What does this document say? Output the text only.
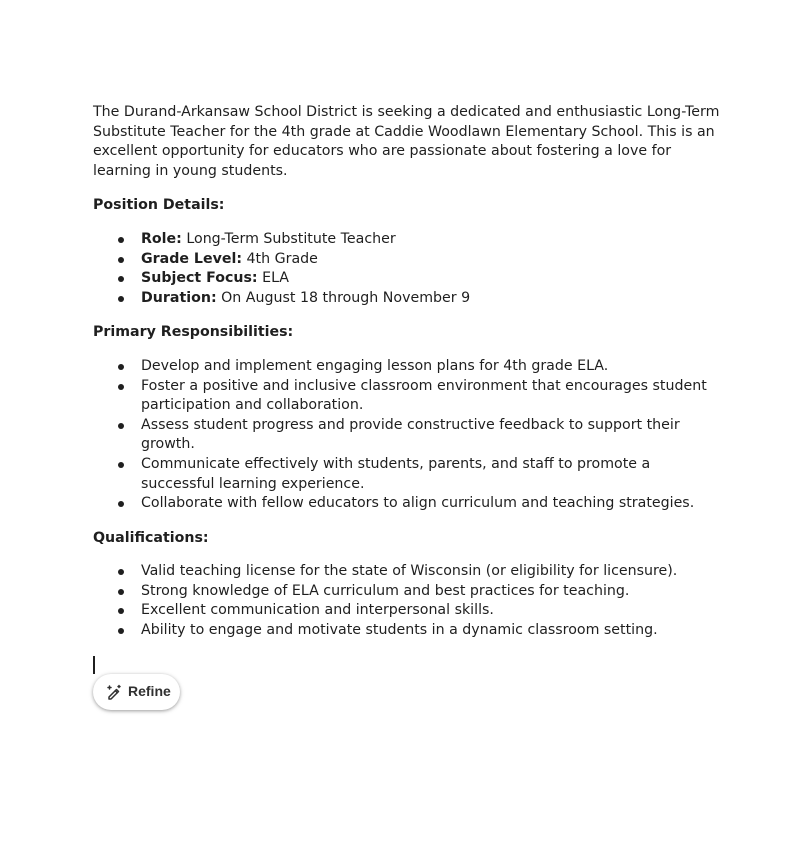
The Durand-Arkansaw School District is seeking a dedicated and enthusiastic Long-Term Substitute Teacher for the 4th grade at Caddie Woodlawn Elementary School. This is an excellent opportunity for educators who are passionate about fostering a love for learning in young students.

Position Details:

Role: Long-Term Substitute Teacher
Grade Level: 4th Grade
Subject Focus: ELA
Duration: On August 18 through November 9

Primary Responsibilities:

Develop and implement engaging lesson plans for 4th grade ELA.
Foster a positive and inclusive classroom environment that encourages student participation and collaboration.
Assess student progress and provide constructive feedback to support their growth.
Communicate effectively with students, parents, and staff to promote a successful learning experience.
Collaborate with fellow educators to align curriculum and teaching strategies.

Qualifications:

Valid teaching license for the state of Wisconsin (or eligibility for licensure).
Strong knowledge of ELA curriculum and best practices for teaching.
Excellent communication and interpersonal skills.
Ability to engage and motivate students in a dynamic classroom setting.
Refine
